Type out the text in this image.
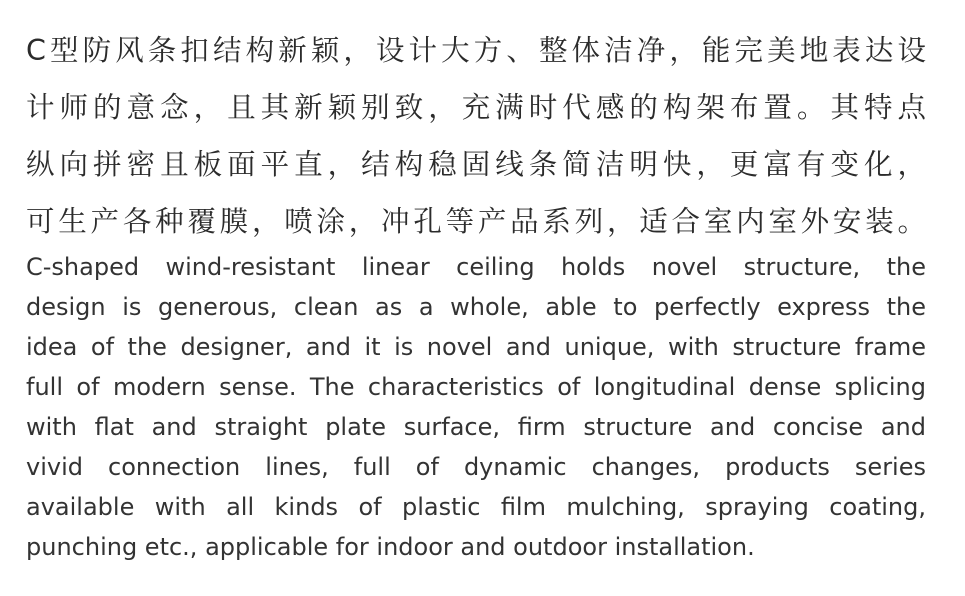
C型防风条扣结构新颖，设计大方、整体洁净，能完美地表达设
计师的意念，且其新颖别致，充满时代感的构架布置。其特点
纵向拼密且板面平直，结构稳固线条简洁明快，更富有变化，
可生产各种覆膜，喷涂，冲孔等产品系列，适合室内室外安装。
C-shaped wind-resistant linear ceiling holds novel structure, the
design is generous, clean as a whole, able to perfectly express the
idea of the designer, and it is novel and unique, with structure frame
full of modern sense. The characteristics of longitudinal dense splicing
with flat and straight plate surface, firm structure and concise and
vivid connection lines, full of dynamic changes, products series
available with all kinds of plastic film mulching, spraying coating,
punching etc., applicable for indoor and outdoor installation.
